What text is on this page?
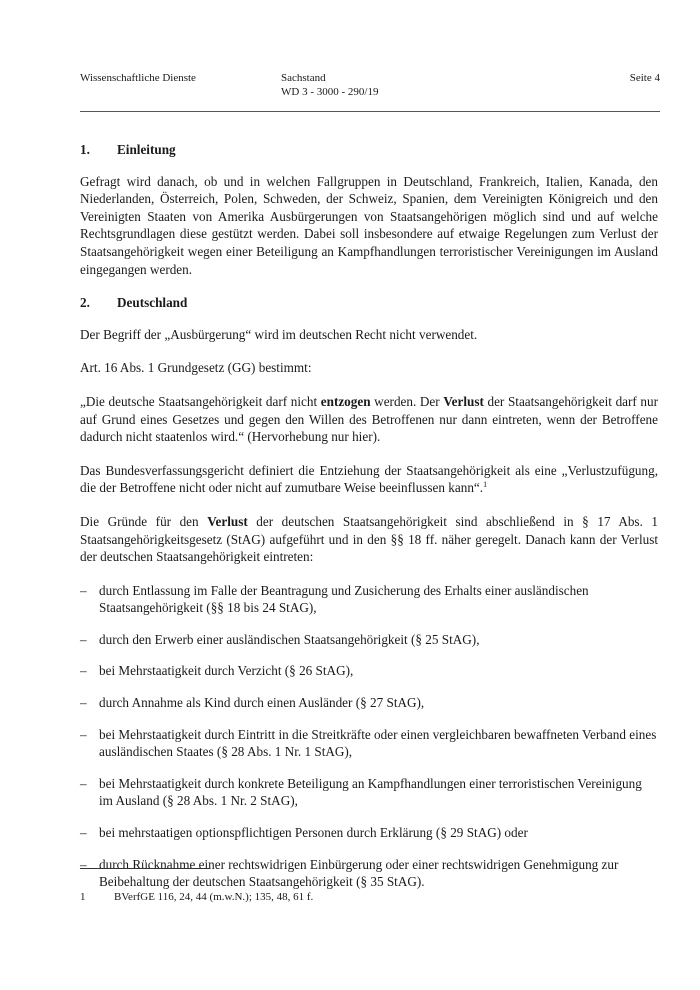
Wissenschaftliche Dienste	Sachstand
WD 3 - 3000 - 290/19
Seite 4
1.	Einleitung

Gefragt wird danach, ob und in welchen Fallgruppen in Deutschland, Frankreich, Italien, Kanada, den Niederlanden, Österreich, Polen, Schweden, der Schweiz, Spanien, dem Vereinigten Königreich und den Vereinigten Staaten von Amerika Ausbürgerungen von Staatsangehörigen möglich sind und auf welche Rechtsgrundlagen diese gestützt werden. Dabei soll insbesondere auf etwaige Regelungen zum Verlust der Staatsangehörigkeit wegen einer Beteiligung an Kampfhandlungen terroristischer Vereinigungen im Ausland eingegangen werden.

2.	Deutschland

Der Begriff der „Ausbürgerung“ wird im deutschen Recht nicht verwendet.

Art. 16 Abs. 1 Grundgesetz (GG) bestimmt:

„Die deutsche Staatsangehörigkeit darf nicht entzogen werden. Der Verlust der Staatsangehörigkeit darf nur auf Grund eines Gesetzes und gegen den Willen des Betroffenen nur dann eintreten, wenn der Betroffene dadurch nicht staatenlos wird.“ (Hervorhebung nur hier).

Das Bundesverfassungsgericht definiert die Entziehung der Staatsangehörigkeit als eine „Verlustzufügung, die der Betroffene nicht oder nicht auf zumutbare Weise beeinflussen kann“.$^1$

Die Gründe für den Verlust der deutschen Staatsangehörigkeit sind abschließend in § 17 Abs. 1 Staatsangehörigkeitsgesetz (StAG) aufgeführt und in den §§ 18 ff. näher geregelt. Danach kann der Verlust der deutschen Staatsangehörigkeit eintreten:

– durch Entlassung im Falle der Beantragung und Zusicherung des Erhalts einer ausländischen Staatsangehörigkeit (§§ 18 bis 24 StAG),
– durch den Erwerb einer ausländischen Staatsangehörigkeit (§ 25 StAG),
– bei Mehrstaatigkeit durch Verzicht (§ 26 StAG),
– durch Annahme als Kind durch einen Ausländer (§ 27 StAG),
– bei Mehrstaatigkeit durch Eintritt in die Streitkräfte oder einen vergleichbaren bewaffneten Verband eines ausländischen Staates (§ 28 Abs. 1 Nr. 1 StAG),
– bei Mehrstaatigkeit durch konkrete Beteiligung an Kampfhandlungen einer terroristischen Vereinigung im Ausland (§ 28 Abs. 1 Nr. 2 StAG),
– bei mehrstaatigen optionspflichtigen Personen durch Erklärung (§ 29 StAG) oder
– durch Rücknahme einer rechtswidrigen Einbürgerung oder einer rechtswidrigen Genehmigung zur Beibehaltung der deutschen Staatsangehörigkeit (§ 35 StAG).
1	BVerfGE 116, 24, 44 (m.w.N.); 135, 48, 61 f.
